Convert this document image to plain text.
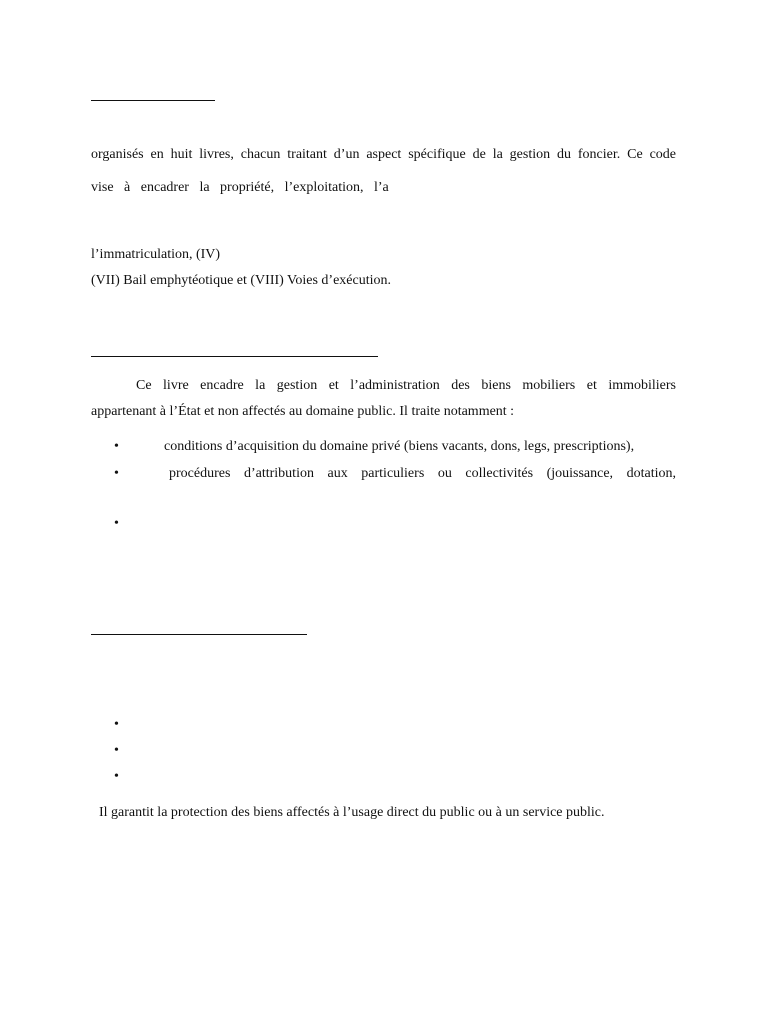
organisés en huit livres, chacun traitant d’un aspect spécifique de la gestion du foncier. Ce code
vise à encadrer la propriété, l’exploitation, l’a
l’immatriculation, (IV)
(VII) Bail emphytéotique et (VIII) Voies d’exécution.
Ce livre encadre la gestion et l’administration des biens mobiliers et immobiliers
appartenant à l’État et non affectés au domaine public. Il traite notamment :
•	conditions d’acquisition du domaine privé (biens vacants, dons, legs, prescriptions),
•	procédures d’attribution aux particuliers ou collectivités (jouissance, dotation,
•
•
•
•
Il garantit la protection des biens affectés à l’usage direct du public ou à un service public.
